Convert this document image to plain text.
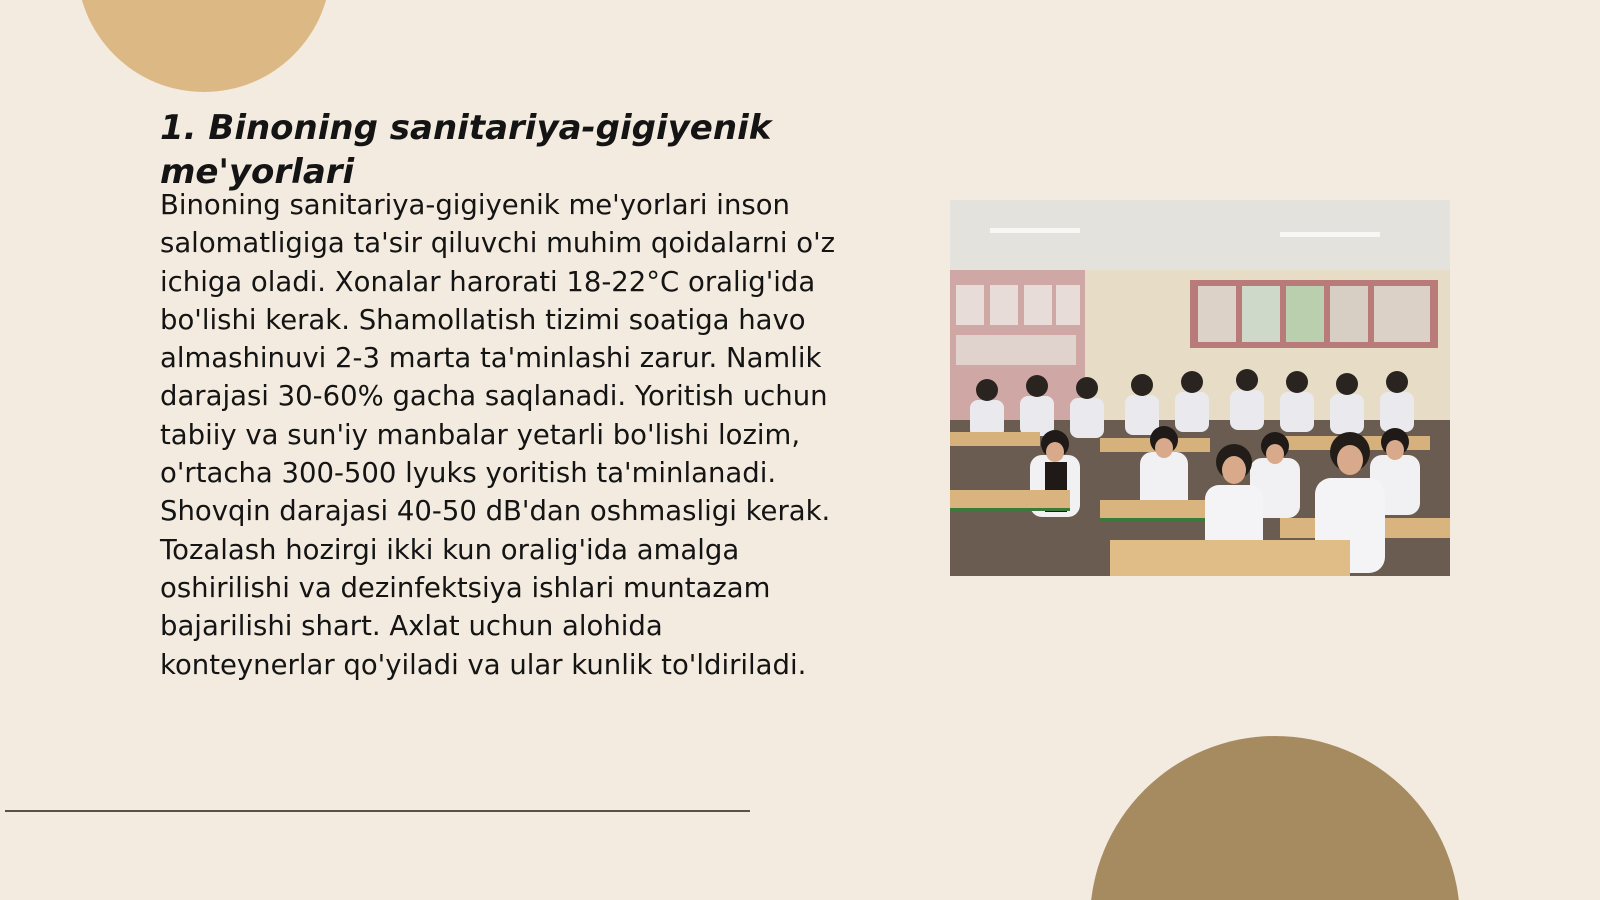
1. Binoning sanitariya-gigiyenik me'yorlari

Binoning sanitariya-gigiyenik me'yorlari inson salomatligiga ta'sir qiluvchi muhim qoidalarni o'z ichiga oladi. Xonalar harorati 18-22°C oralig'ida bo'lishi kerak. Shamollatish tizimi soatiga havo almashinuvi 2-3 marta ta'minlashi zarur. Namlik darajasi 30-60% gacha saqlanadi. Yoritish uchun tabiiy va sun'iy manbalar yetarli bo'lishi lozim, o'rtacha 300-500 lyuks yoritish ta'minlanadi. Shovqin darajasi 40-50 dB'dan oshmasligi kerak. Tozalash hozirgi ikki kun oralig'ida amalga oshirilishi va dezinfektsiya ishlari muntazam bajarilishi shart. Axlat uchun alohida konteynerlar qo'yiladi va ular kunlik to'ldiriladi.
